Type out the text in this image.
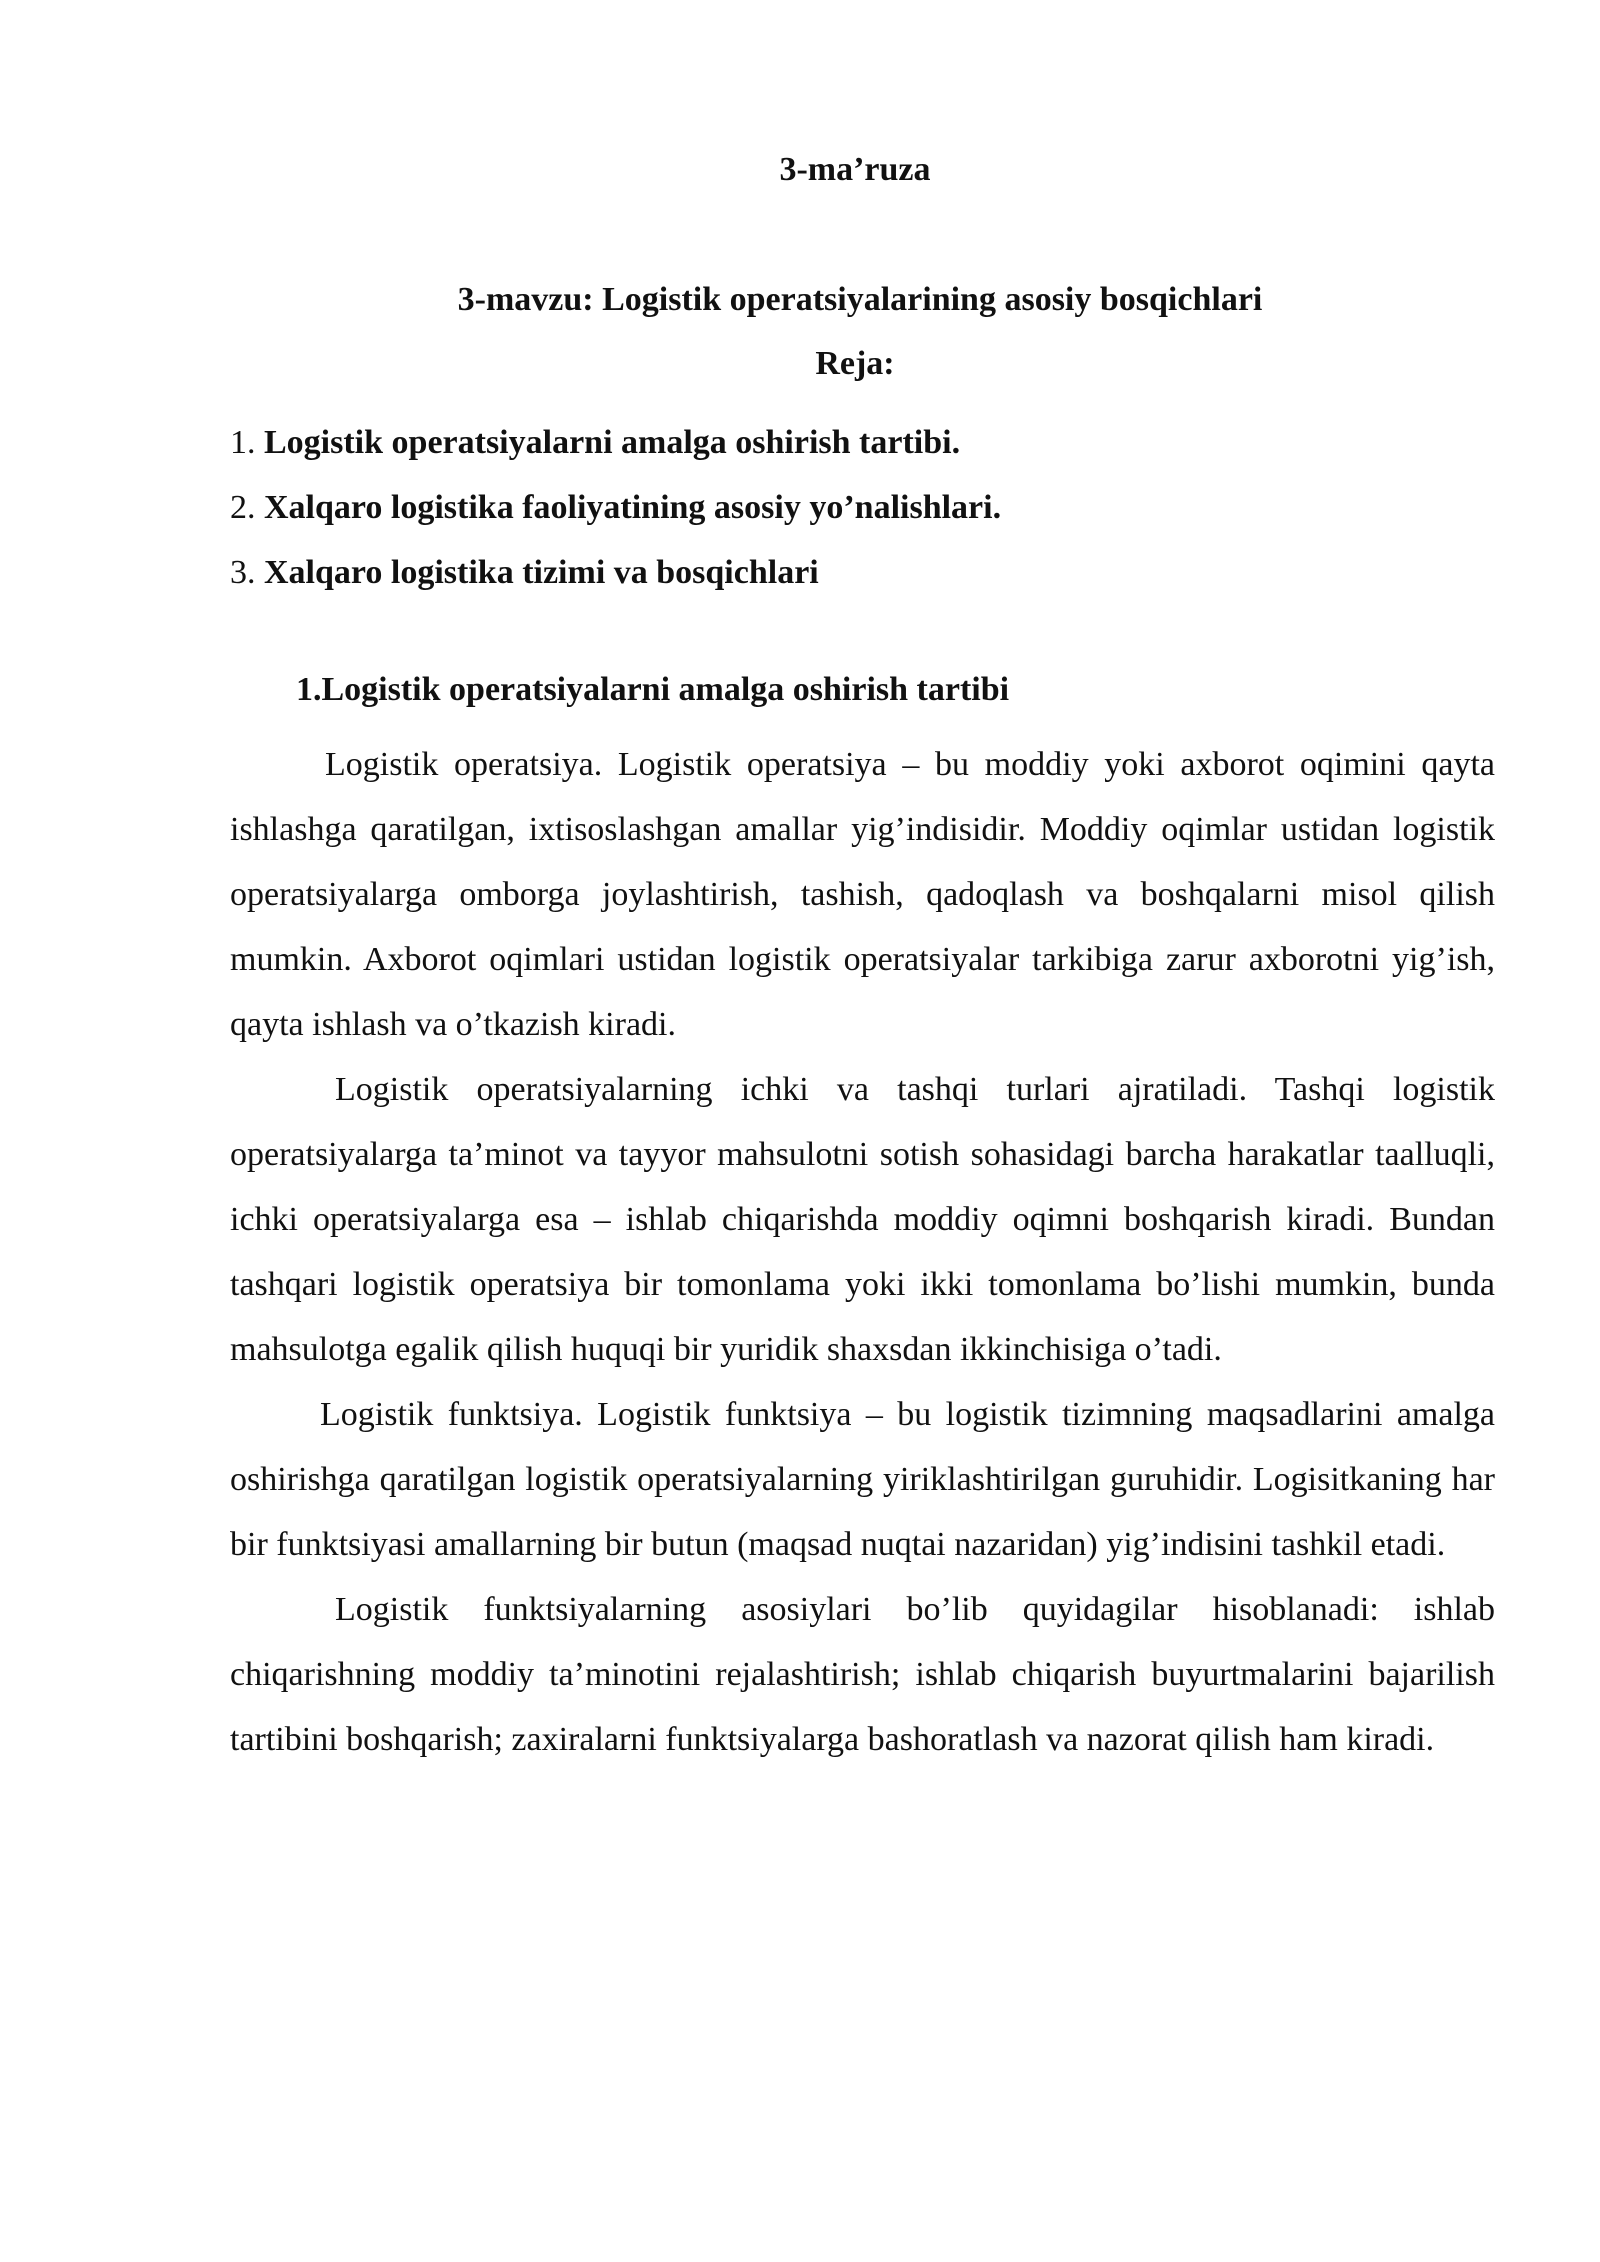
3-ma’ruza
3-mavzu: Logistik operatsiyalarining asosiy bosqichlari
Reja:
1. Logistik operatsiyalarni amalga oshirish tartibi.
2. Xalqaro logistika faoliyatining asosiy yo’nalishlari.
3. Xalqaro logistika tizimi va bosqichlari
1.Logistik operatsiyalarni amalga oshirish tartibi

Logistik operatsiya. Logistik operatsiya – bu moddiy yoki axborot oqimini qayta ishlashga qaratilgan, ixtisoslashgan amallar yig’indisidir. Moddiy oqimlar ustidan logistik operatsiyalarga omborga joylashtirish, tashish, qadoqlash va boshqalarni misol qilish mumkin. Axborot oqimlari ustidan logistik operatsiyalar tarkibiga zarur axborotni yig’ish, qayta ishlash va o’tkazish kiradi.

Logistik operatsiyalarning ichki va tashqi turlari ajratiladi. Tashqi logistik operatsiyalarga ta’minot va tayyor mahsulotni sotish sohasidagi barcha harakatlar taalluqli, ichki operatsiyalarga esa – ishlab chiqarishda moddiy oqimni boshqarish kiradi. Bundan tashqari logistik operatsiya bir tomonlama yoki ikki tomonlama bo’lishi mumkin, bunda mahsulotga egalik qilish huquqi bir yuridik shaxsdan ikkinchisiga o’tadi.

Logistik funktsiya. Logistik funktsiya – bu logistik tizimning maqsadlarini amalga oshirishga qaratilgan logistik operatsiyalarning yiriklashtirilgan guruhidir. Logisitkaning har bir funktsiyasi amallarning bir butun (maqsad nuqtai nazaridan) yig’indisini tashkil etadi.

Logistik funktsiyalarning asosiylari bo’lib quyidagilar hisoblanadi: ishlab chiqarishning moddiy ta’minotini rejalashtirish; ishlab chiqarish buyurtmalarini bajarilish tartibini boshqarish; zaxiralarni funktsiyalarga bashoratlash va nazorat qilish ham kiradi.
